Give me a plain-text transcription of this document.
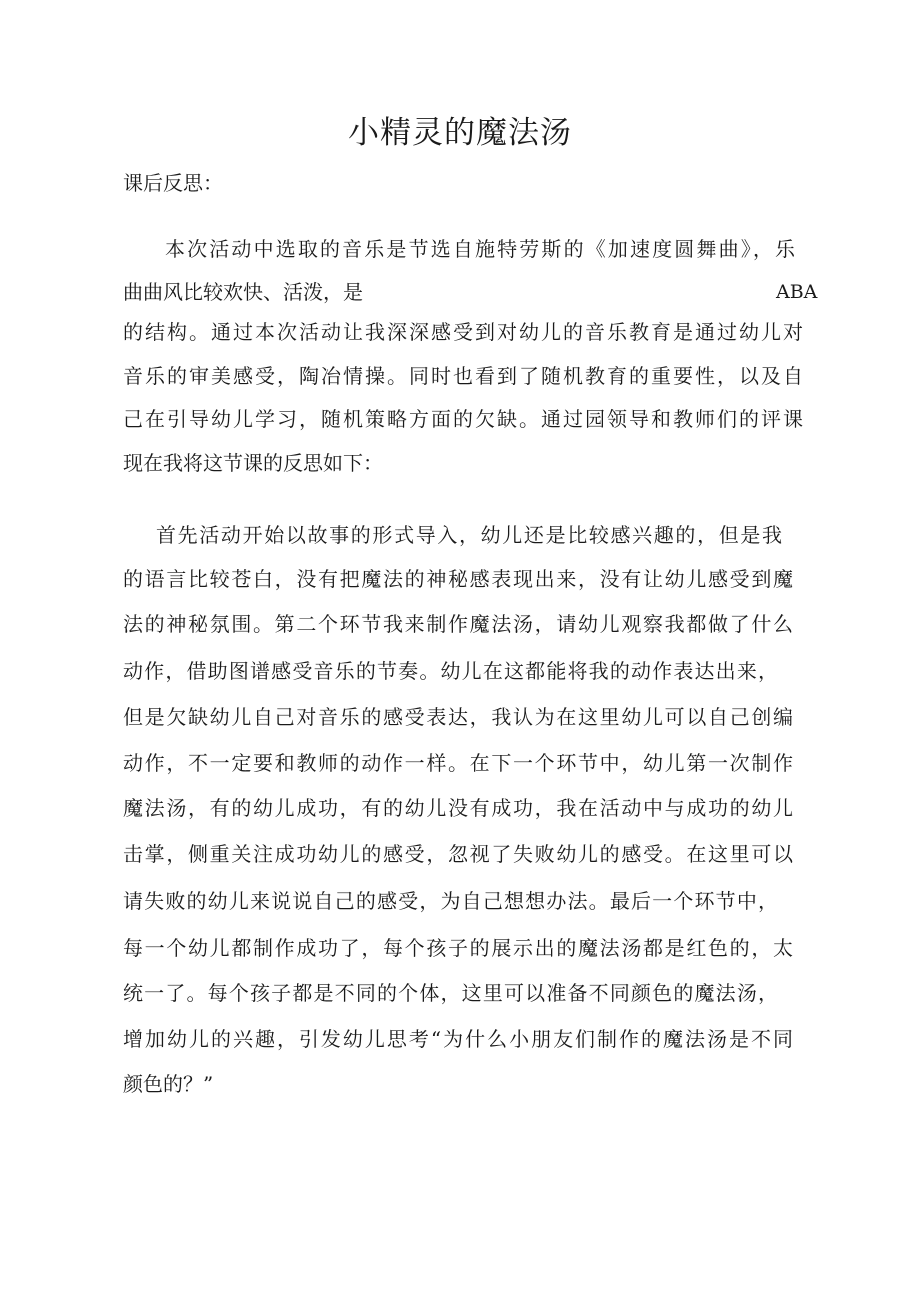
小精灵的魔法汤
课后反思：
本次活动中选取的音乐是节选自施特劳斯的《加速度圆舞曲》，乐
曲曲风比较欢快、活泼，是	ABA
的结构。通过本次活动让我深深感受到对幼儿的音乐教育是通过幼儿对
音乐的审美感受，陶冶情操。同时也看到了随机教育的重要性，以及自
己在引导幼儿学习，随机策略方面的欠缺。通过园领导和教师们的评课
现在我将这节课的反思如下：
首先活动开始以故事的形式导入，幼儿还是比较感兴趣的，但是我
的语言比较苍白，没有把魔法的神秘感表现出来，没有让幼儿感受到魔
法的神秘氛围。第二个环节我来制作魔法汤，请幼儿观察我都做了什么
动作，借助图谱感受音乐的节奏。幼儿在这都能将我的动作表达出来，
但是欠缺幼儿自己对音乐的感受表达，我认为在这里幼儿可以自己创编
动作，不一定要和教师的动作一样。在下一个环节中，幼儿第一次制作
魔法汤，有的幼儿成功，有的幼儿没有成功，我在活动中与成功的幼儿
击掌，侧重关注成功幼儿的感受，忽视了失败幼儿的感受。在这里可以
请失败的幼儿来说说自己的感受，为自己想想办法。最后一个环节中，
每一个幼儿都制作成功了，每个孩子的展示出的魔法汤都是红色的，太
统一了。每个孩子都是不同的个体，这里可以准备不同颜色的魔法汤，
增加幼儿的兴趣，引发幼儿思考“为什么小朋友们制作的魔法汤是不同
颜色的？”
